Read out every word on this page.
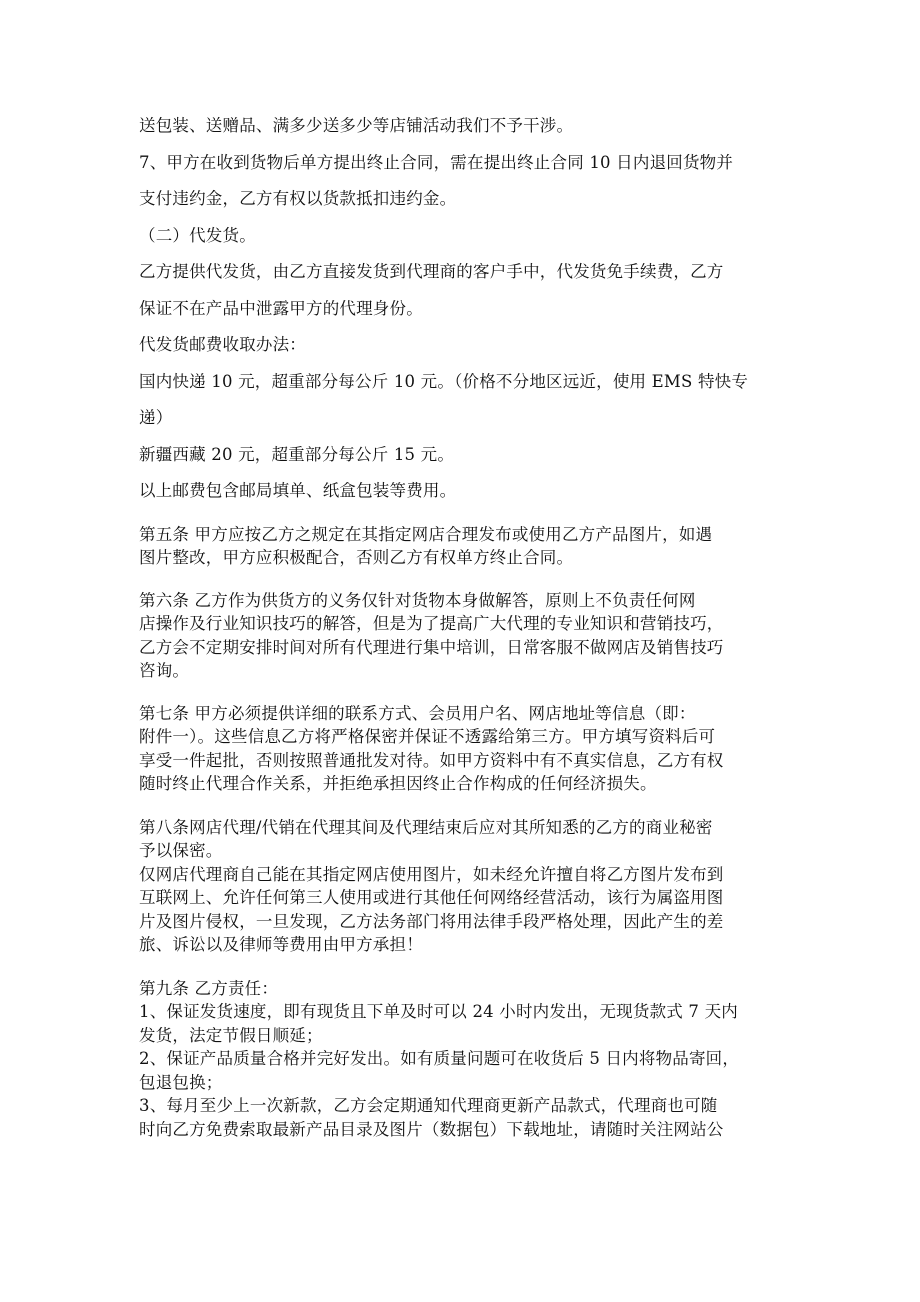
送包装、送赠品、满多少送多少等店铺活动我们不予干涉。
7、甲方在收到货物后单方提出终止合同，需在提出终止合同 10 日内退回货物并
支付违约金，乙方有权以货款抵扣违约金。
（二）代发货。
乙方提供代发货，由乙方直接发货到代理商的客户手中，代发货免手续费，乙方
保证不在产品中泄露甲方的代理身份。
代发货邮费收取办法：
国内快递 10 元，超重部分每公斤 10 元。（价格不分地区远近，使用 EMS 特快专
递）
新疆西藏 20 元，超重部分每公斤 15 元。
以上邮费包含邮局填单、纸盒包装等费用。
第五条 甲方应按乙方之规定在其指定网店合理发布或使用乙方产品图片，如遇
图片整改，甲方应积极配合，否则乙方有权单方终止合同。
第六条 乙方作为供货方的义务仅针对货物本身做解答，原则上不负责任何网
店操作及行业知识技巧的解答，但是为了提高广大代理的专业知识和营销技巧，
乙方会不定期安排时间对所有代理进行集中培训，日常客服不做网店及销售技巧
咨询。
第七条 甲方必须提供详细的联系方式、会员用户名、网店地址等信息（即：
附件一）。这些信息乙方将严格保密并保证不透露给第三方。甲方填写资料后可
享受一件起批，否则按照普通批发对待。如甲方资料中有不真实信息，乙方有权
随时终止代理合作关系，并拒绝承担因终止合作构成的任何经济损失。
第八条网店代理/代销在代理其间及代理结束后应对其所知悉的乙方的商业秘密
予以保密。
仅网店代理商自己能在其指定网店使用图片，如未经允许擅自将乙方图片发布到
互联网上、允许任何第三人使用或进行其他任何网络经营活动，该行为属盗用图
片及图片侵权，一旦发现，乙方法务部门将用法律手段严格处理，因此产生的差
旅、诉讼以及律师等费用由甲方承担！
第九条 乙方责任：
1、保证发货速度，即有现货且下单及时可以 24 小时内发出，无现货款式 7 天内
发货，法定节假日顺延；
2、保证产品质量合格并完好发出。如有质量问题可在收货后 5 日内将物品寄回，
包退包换；
3、每月至少上一次新款，乙方会定期通知代理商更新产品款式，代理商也可随
时向乙方免费索取最新产品目录及图片（数据包）下载地址，请随时关注网站公
